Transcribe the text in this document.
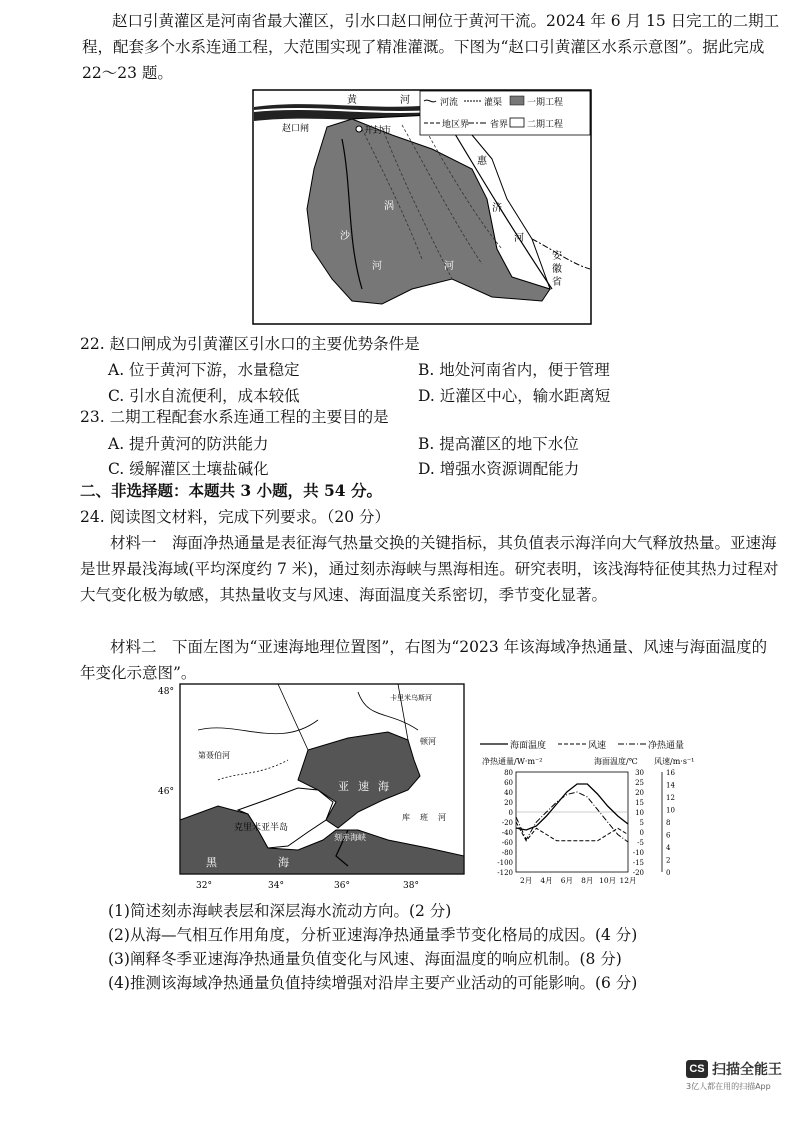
赵口引黄灌区是河南省最大灌区，引水口赵口闸位于黄河干流。2024 年 6 月 15 日完工的二期工程，配套多个水系连通工程，大范围实现了精准灌溉。下图为“赵口引黄灌区水系示意图”。据此完成 22～23 题。
河流	灌渠	一期工程
地区界 省界 二期工程
黄	河
赵口闸	开封市
惠
济
河
安
徽
省
涡
河
沙
河
22. 赵口闸成为引黄灌区引水口的主要优势条件是
A. 位于黄河下游，水量稳定	B. 地处河南省内，便于管理
C. 引水自流便利，成本较低	D. 近灌区中心，输水距离短
23. 二期工程配套水系连通工程的主要目的是
A. 提升黄河的防洪能力	B. 提高灌区的地下水位
C. 缓解灌区土壤盐碱化	D. 增强水资源调配能力
二、非选择题：本题共 3 小题，共 54 分。
24. 阅读图文材料，完成下列要求。（20 分）
材料一　海面净热通量是表征海气热量交换的关键指标，其负值表示海洋向大气释放热量。亚速海是世界最浅海域(平均深度约 7 米)，通过刻赤海峡与黑海相连。研究表明，该浅海特征使其热力过程对大气变化极为敏感，其热量收支与风速、海面温度关系密切，季节变化显著。
材料二　下面左图为“亚速海地理位置图”，右图为“2023 年该海域净热通量、风速与海面温度的年变化示意图”。
48°
46°
32°	34°	36°	38°
亚 速 海
黑	海
克里米亚半岛
刻赤海峡
第聂伯河
顿河
卡里米乌斯河
库 班 河
海面温度	风速	净热通量
净热通量/W·m⁻²	海面温度/℃ 风速/m·s⁻¹
80
60
40
20
0
-20
-40
-60
-80
-100
-120
30
25
20
15
10
5
0
-5
-10
-15
-20
16
14
12
10
8
6
4
2
0
2月 4月 6月 8月 10月 12月
(1)简述刻赤海峡表层和深层海水流动方向。(2 分)
(2)从海—气相互作用角度，分析亚速海净热通量季节变化格局的成因。(4 分)
(3)阐释冬季亚速海净热通量负值变化与风速、海面温度的响应机制。(8 分)
(4)推测该海域净热通量负值持续增强对沿岸主要产业活动的可能影响。(6 分)
CS 扫描全能王
3亿人都在用的扫描App
